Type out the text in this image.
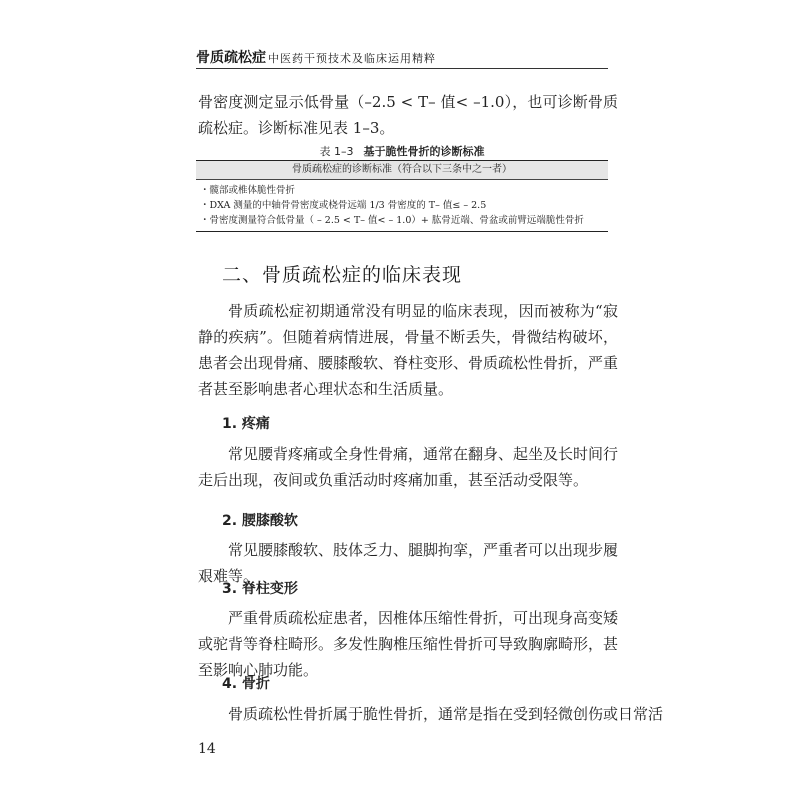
骨质疏松症 中医药干预技术及临床运用精粹

骨密度测定显示低骨量（–2.5 < T– 值< –1.0），也可诊断骨质疏松症。诊断标准见表 1–3。

表 1–3 基于脆性骨折的诊断标准
骨质疏松症的诊断标准（符合以下三条中之一者）
・髋部或椎体脆性骨折
・DXA 测量的中轴骨骨密度或桡骨远端 1/3 骨密度的 T– 值≤ – 2.5
・骨密度测量符合低骨量（ – 2.5 < T– 值< – 1.0）+ 肱骨近端、骨盆或前臂远端脆性骨折
二、骨质疏松症的临床表现

骨质疏松症初期通常没有明显的临床表现，因而被称为“寂静的疾病”。但随着病情进展，骨量不断丢失，骨微结构破坏，患者会出现骨痛、腰膝酸软、脊柱变形、骨质疏松性骨折，严重者甚至影响患者心理状态和生活质量。

1. 疼痛

常见腰背疼痛或全身性骨痛，通常在翻身、起坐及长时间行走后出现，夜间或负重活动时疼痛加重，甚至活动受限等。

2. 腰膝酸软

常见腰膝酸软、肢体乏力、腿脚拘挛，严重者可以出现步履艰难等。

3. 脊柱变形

严重骨质疏松症患者，因椎体压缩性骨折，可出现身高变矮或驼背等脊柱畸形。多发性胸椎压缩性骨折可导致胸廓畸形，甚至影响心肺功能。

4. 骨折

骨质疏松性骨折属于脆性骨折，通常是指在受到轻微创伤或日常活

14
